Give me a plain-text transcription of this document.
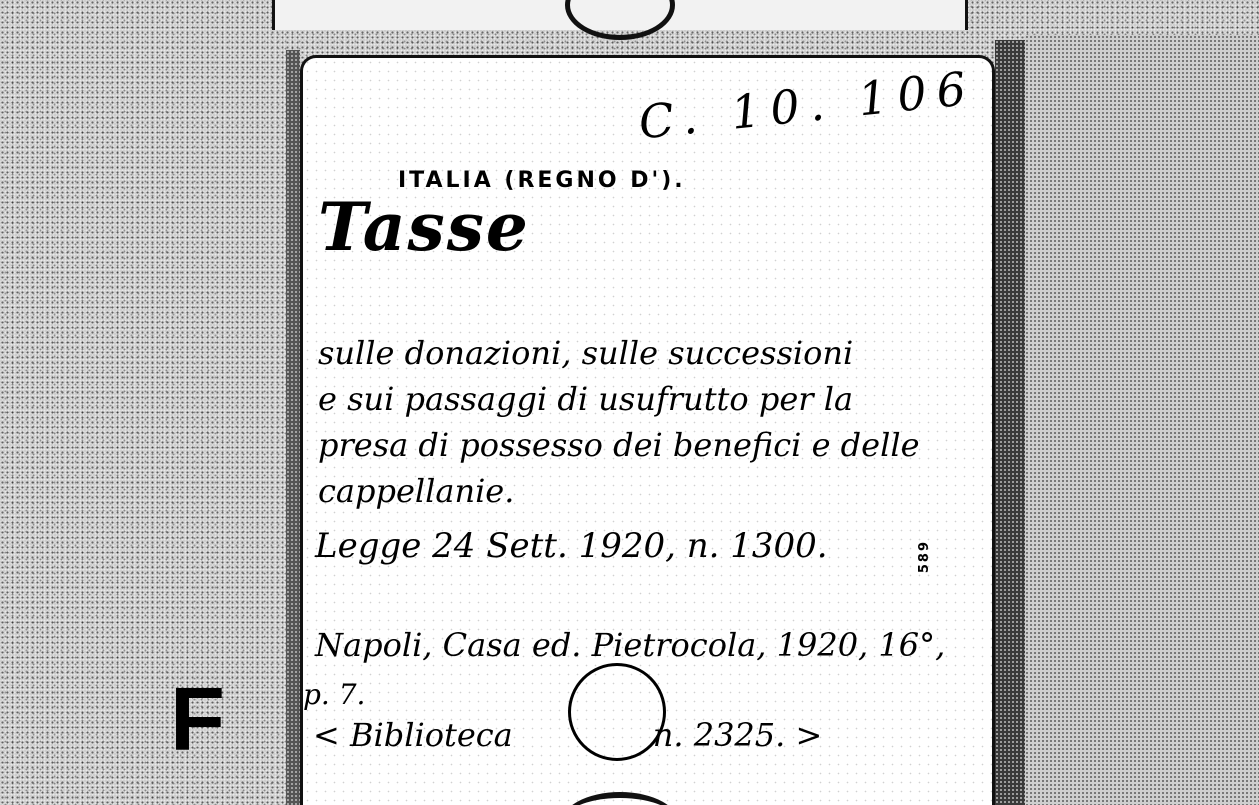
C. 10. 106
ITALIA (REGNO D').
Tasse
sulle donazioni, sulle successioni
e sui passaggi di usufrutto per la
presa di possesso dei benefici e delle
cappellanie.
Legge 24 Sett. 1920, n. 1300.	589
Napoli, Casa ed. Pietrocola, 1920, 16°,
p. 7.
< Biblioteca	n. 2325. >
F
